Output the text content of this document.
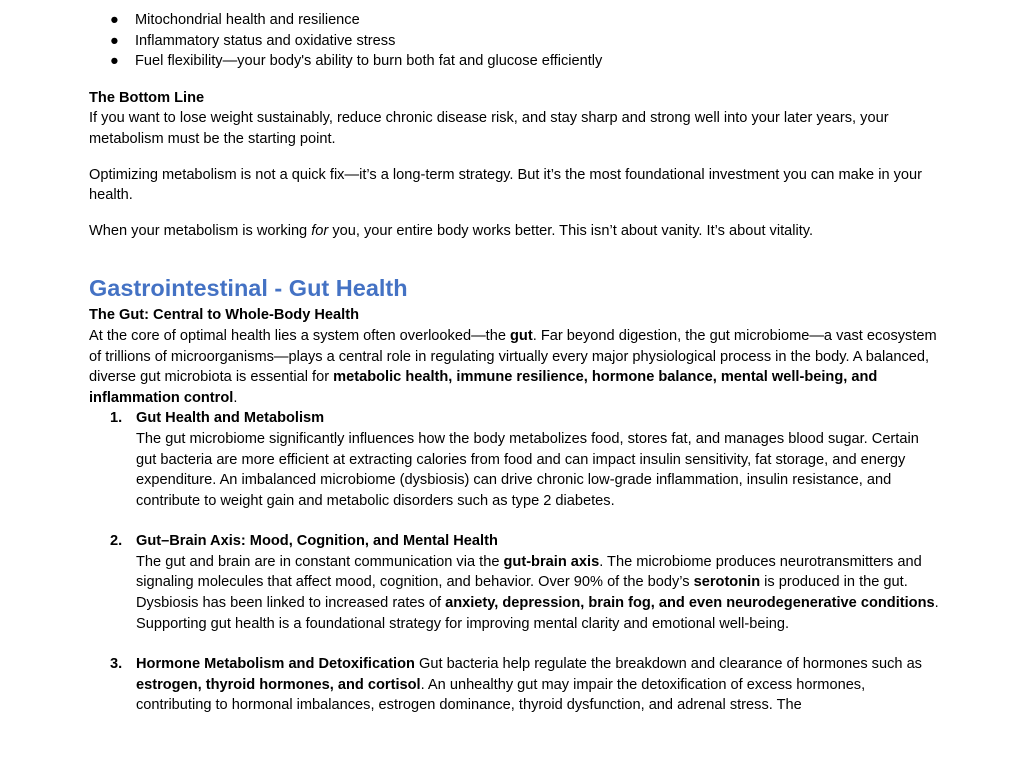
● Mitochondrial health and resilience
● Inflammatory status and oxidative stress
● Fuel flexibility—your body's ability to burn both fat and glucose efficiently

The Bottom Line

If you want to lose weight sustainably, reduce chronic disease risk, and stay sharp and strong well into your later years, your metabolism must be the starting point.

Optimizing metabolism is not a quick fix—it’s a long-term strategy. But it’s the most foundational investment you can make in your health.

When your metabolism is working for you, your entire body works better. This isn’t about vanity. It’s about vitality.

Gastrointestinal - Gut Health

The Gut: Central to Whole-Body Health

At the core of optimal health lies a system often overlooked—the gut. Far beyond digestion, the gut microbiome—a vast ecosystem of trillions of microorganisms—plays a central role in regulating virtually every major physiological process in the body. A balanced, diverse gut microbiota is essential for metabolic health, immune resilience, hormone balance, mental well-being, and inflammation control.

1. Gut Health and Metabolism

The gut microbiome significantly influences how the body metabolizes food, stores fat, and manages blood sugar. Certain gut bacteria are more efficient at extracting calories from food and can impact insulin sensitivity, fat storage, and energy expenditure. An imbalanced microbiome (dysbiosis) can drive chronic low-grade inflammation, insulin resistance, and contribute to weight gain and metabolic disorders such as type 2 diabetes.

2. Gut–Brain Axis: Mood, Cognition, and Mental Health

The gut and brain are in constant communication via the gut-brain axis. The microbiome produces neurotransmitters and signaling molecules that affect mood, cognition, and behavior. Over 90% of the body’s serotonin is produced in the gut. Dysbiosis has been linked to increased rates of anxiety, depression, brain fog, and even neurodegenerative conditions. Supporting gut health is a foundational strategy for improving mental clarity and emotional well-being.

3. Hormone Metabolism and Detoxification Gut bacteria help regulate the breakdown and clearance of hormones such as estrogen, thyroid hormones, and cortisol. An unhealthy gut may impair the detoxification of excess hormones, contributing to hormonal imbalances, estrogen dominance, thyroid dysfunction, and adrenal stress. The
